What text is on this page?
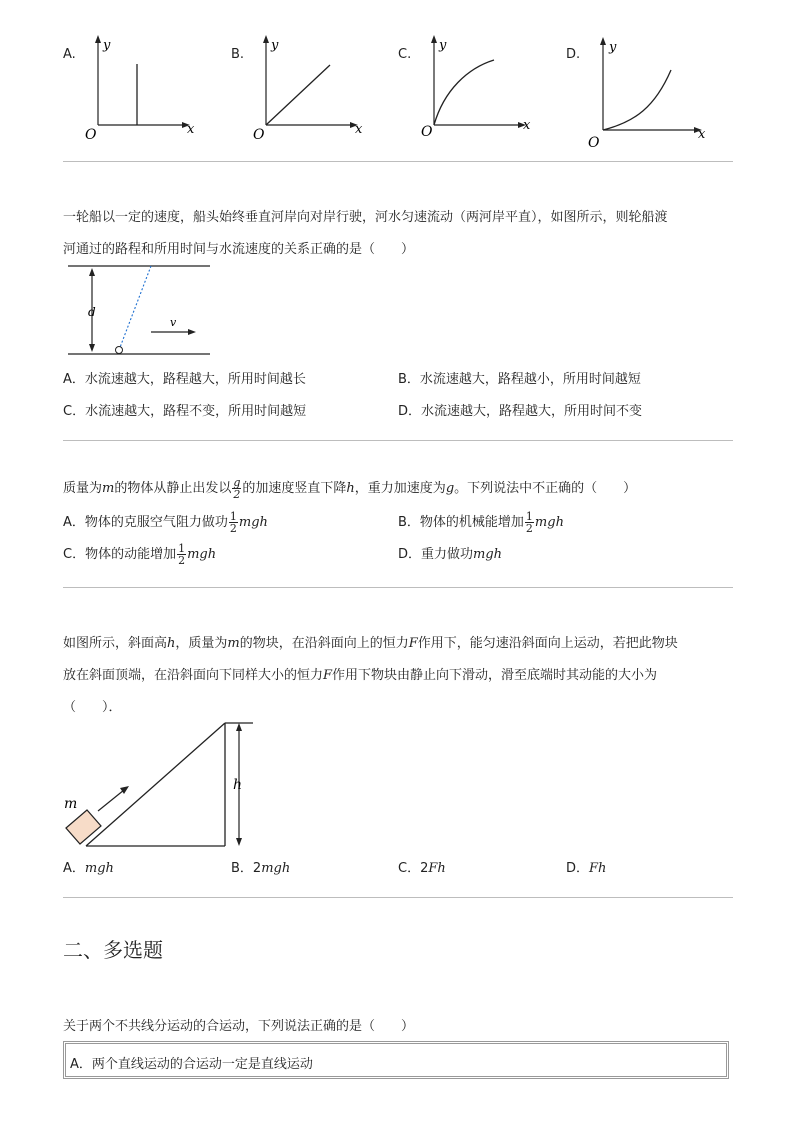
A.	B.	C.	D.
y
x
O
y
x
O
y
x
O
y
x
O
一轮船以一定的速度，船头始终垂直河岸向对岸行驶，河水匀速流动（两河岸平直），如图所示，则轮船渡
河通过的路程和所用时间与水流速度的关系正确的是（　　）
d
v
A．水流速越大，路程越大，所用时间越长	B．水流速越大，路程越小，所用时间越短
C．水流速越大，路程不变，所用时间越短	D．水流速越大，路程越大，所用时间不变
质量为m的物体从静止出发以 $\frac{g}{2}$ 的加速度竖直下降h，重力加速度为g。下列说法中不正确的（　　）
A．物体的克服空气阻力做功 $\frac{1}{2}$ mgh	B．物体的机械能增加 $\frac{1}{2}$ mgh
C．物体的动能增加 $\frac{1}{2}$ mgh	D．重力做功mgh
如图所示，斜面高h，质量为m的物块，在沿斜面向上的恒力F作用下，能匀速沿斜面向上运动，若把此物块
放在斜面顶端，在沿斜面向下同样大小的恒力F作用下物块由静止向下滑动，滑至底端时其动能的大小为
（　　）．
h
m
A．mgh	B．2mgh	C．2Fh	D．Fh
二、多选题
关于两个不共线分运动的合运动，下列说法正确的是（　　）
A．两个直线运动的合运动一定是直线运动
